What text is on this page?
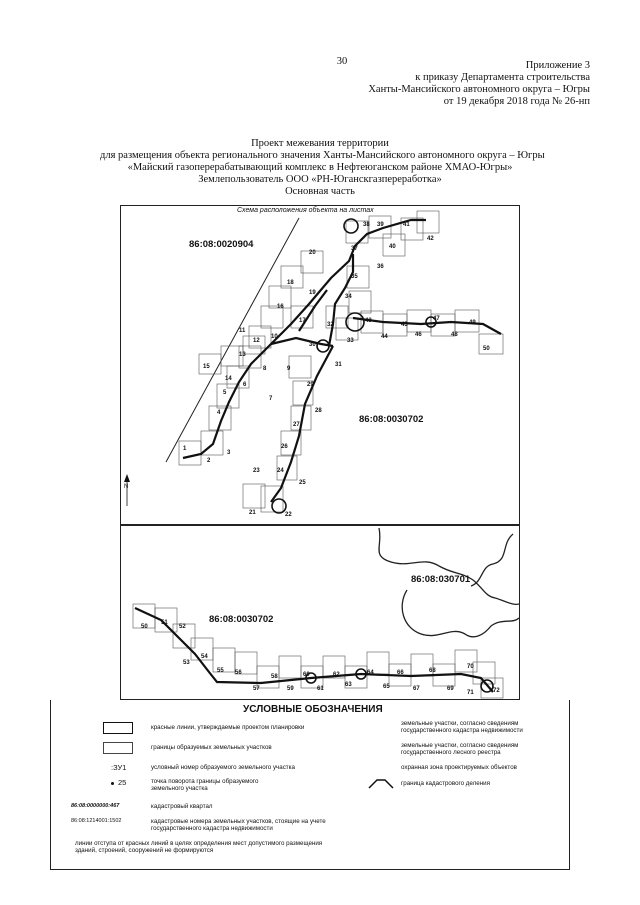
30	Приложение 3
к приказу Департамента строительства
Ханты-Мансийского автономного округа – Югры
от 19 декабря 2018 года № 26-нп
Проект межевания территории
для размещения объекта регионального значения Ханты-Мансийского автономного округа – Югры
«Майский газоперерабатывающий комплекс в Нефтеюганском районе ХМАО-Югры»
Землепользователь ООО «РН-Юганскгазпереработка»
Основная часть
Схема расположения объекта на листах
86:08:0020904
86:08:0030702
N
1
2
3
4
5
6
7
8	9
10
11
12
13
14
15
16
17
18
19
20
21	22
23	24
25
26
27
28
29
30
31
32
33
34
35
36
37
38 39
40
41
42
43
44
45
46
47
48
49
50
86:08:030701
86:08:0030702
50
51
52
53
54
55 56
57
58
59
60
61
62
63
64
65
66
67
68
69
70
71	72
УСЛОВНЫЕ ОБОЗНАЧЕНИЯ
красные линии, утверждаемые проектом планировки
границы образуемых земельных участков
:ЗУ1	условный номер образуемого земельного участка
25	точка поворота границы образуемого земельного участка
86:08:0000000:467	кадастровый квартал
86:08:1214001:1502	кадастровые номера земельных участков, стоящие на учете государственного кадастра недвижимости
линии отступа от красных линий в целях определения мест допустимого размещения зданий, строений, сооружений не формируются
земельные участки, согласно сведениям государственного кадастра недвижимости
земельные участки, согласно сведениям государственного лесного реестра
охранная зона проектируемых объектов
граница кадастрового деления
